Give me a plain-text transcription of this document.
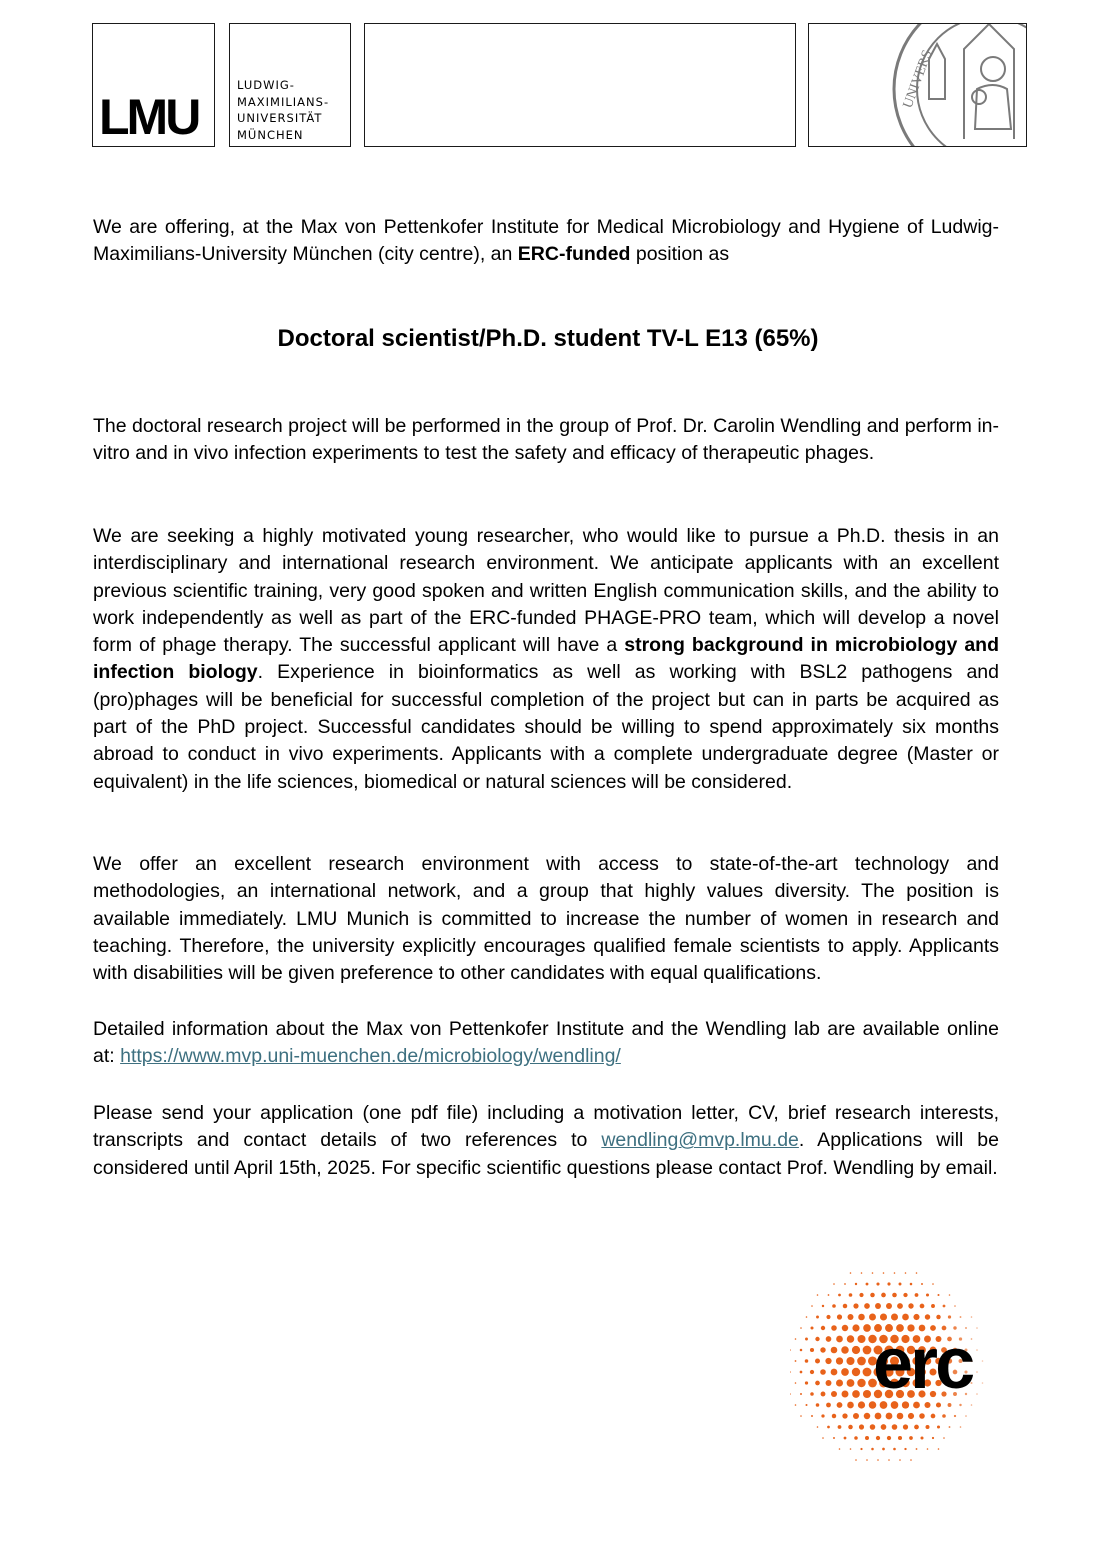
LMU
LUDWIG-
MAXIMILIANS-
UNIVERSITÄT
MÜNCHEN
UNIVERS
We are offering, at the Max von Pettenkofer Institute for Medical Microbiology and Hygiene of Ludwig-Maximilians-University München (city centre), an ERC-funded position as
Doctoral scientist/Ph.D. student TV-L E13 (65%)
The doctoral research project will be performed in the group of Prof. Dr. Carolin Wendling and perform in-vitro and in vivo infection experiments to test the safety and efficacy of therapeutic phages.
We are seeking a highly motivated young researcher, who would like to pursue a Ph.D. thesis in an interdisciplinary and international research environment. We anticipate applicants with an excellent previous scientific training, very good spoken and written English communication skills, and the ability to work independently as well as part of the ERC-funded PHAGE-PRO team, which will develop a novel form of phage therapy. The successful applicant will have a strong background in microbiology and infection biology. Experience in bioinformatics as well as working with BSL2 pathogens and (pro)phages will be beneficial for successful completion of the project but can in parts be acquired as part of the PhD project. Successful candidates should be willing to spend approximately six months abroad to conduct in vivo experiments. Applicants with a complete undergraduate degree (Master or equivalent) in the life sciences, biomedical or natural sciences will be considered.
We offer an excellent research environment with access to state-of-the-art technology and methodologies, an international network, and a group that highly values diversity. The position is available immediately. LMU Munich is committed to increase the number of women in research and teaching. Therefore, the university explicitly encourages qualified female scientists to apply. Applicants with disabilities will be given preference to other candidates with equal qualifications.
Detailed information about the Max von Pettenkofer Institute and the Wendling lab are available online at: https://www.mvp.uni-muenchen.de/microbiology/wendling/
Please send your application (one pdf file) including a motivation letter, CV, brief research interests, transcripts and contact details of two references to wendling@mvp.lmu.de. Applications will be considered until April 15th, 2025. For specific scientific questions please contact Prof. Wendling by email.
erc
